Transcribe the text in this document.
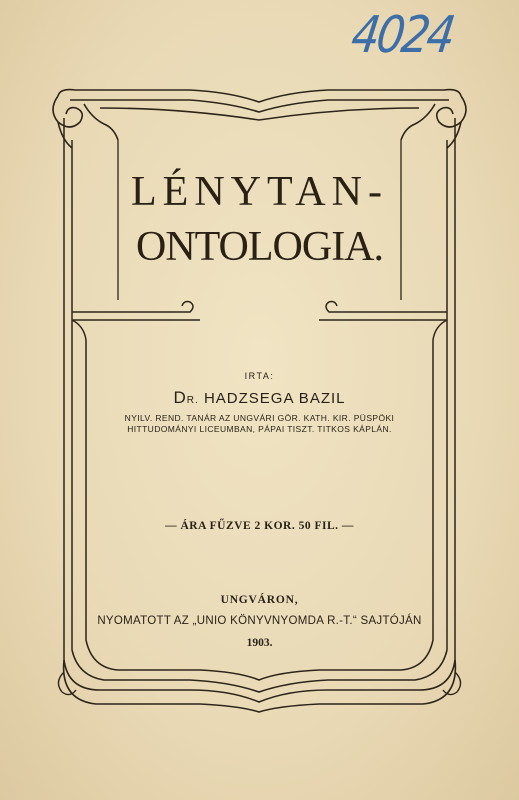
4024
LÉNYTAN-
ONTOLOGIA.
IRTA:
DR. HADZSEGA BAZIL
NYILV. REND. TANÁR AZ UNGVÁRI GÖR. KATH. KIR. PÜSPÖKI
HITTUDOMÁNYI LICEUMBAN, PÁPAI TISZT. TITKOS KÁPLÁN.
— ÁRA FŰZVE 2 KOR. 50 FIL. —
UNGVÁRON,
NYOMATOTT AZ „UNIO KÖNYVNYOMDA R.-T.“ SAJTÓJÁN
1903.
